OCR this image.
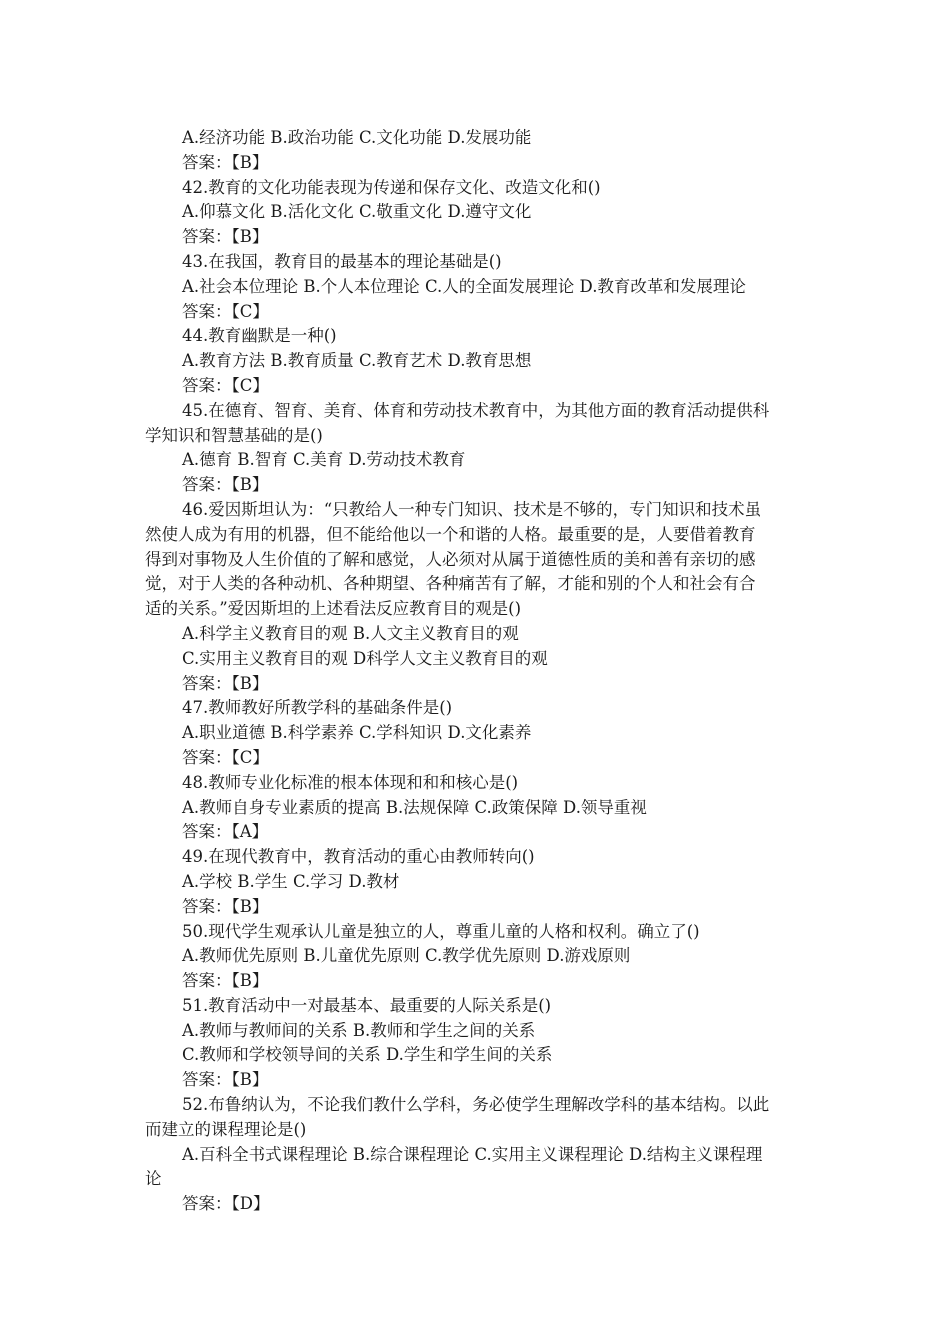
A.经济功能 B.政治功能 C.文化功能 D.发展功能

答案：【B】

42.教育的文化功能表现为传递和保存文化、改造文化和()

A.仰慕文化 B.活化文化 C.敬重文化 D.遵守文化

答案：【B】

43.在我国，教育目的最基本的理论基础是()

A.社会本位理论 B.个人本位理论 C.人的全面发展理论 D.教育改革和发展理论

答案：【C】

44.教育幽默是一种()

A.教育方法 B.教育质量 C.教育艺术 D.教育思想

答案：【C】

45.在德育、智育、美育、体育和劳动技术教育中，为其他方面的教育活动提供科

学知识和智慧基础的是()

A.德育 B.智育 C.美育 D.劳动技术教育

答案：【B】

46.爱因斯坦认为：“只教给人一种专门知识、技术是不够的，专门知识和技术虽

然使人成为有用的机器，但不能给他以一个和谐的人格。最重要的是，人要借着教育

得到对事物及人生价值的了解和感觉，人必须对从属于道德性质的美和善有亲切的感

觉，对于人类的各种动机、各种期望、各种痛苦有了解，才能和别的个人和社会有合

适的关系。”爱因斯坦的上述看法反应教育目的观是()

A.科学主义教育目的观 B.人文主义教育目的观

C.实用主义教育目的观 D科学人文主义教育目的观

答案：【B】

47.教师教好所教学科的基础条件是()

A.职业道德 B.科学素养 C.学科知识 D.文化素养

答案：【C】

48.教师专业化标准的根本体现和和和核心是()

A.教师自身专业素质的提高 B.法规保障 C.政策保障 D.领导重视

答案：【A】

49.在现代教育中，教育活动的重心由教师转向()

A.学校 B.学生 C.学习 D.教材

答案：【B】

50.现代学生观承认儿童是独立的人，尊重儿童的人格和权利。确立了()

A.教师优先原则 B.儿童优先原则 C.教学优先原则 D.游戏原则

答案：【B】

51.教育活动中一对最基本、最重要的人际关系是()

A.教师与教师间的关系 B.教师和学生之间的关系

C.教师和学校领导间的关系 D.学生和学生间的关系

答案：【B】

52.布鲁纳认为，不论我们教什么学科，务必使学生理解改学科的基本结构。以此

而建立的课程理论是()

A.百科全书式课程理论 B.综合课程理论 C.实用主义课程理论 D.结构主义课程理

论

答案：【D】
